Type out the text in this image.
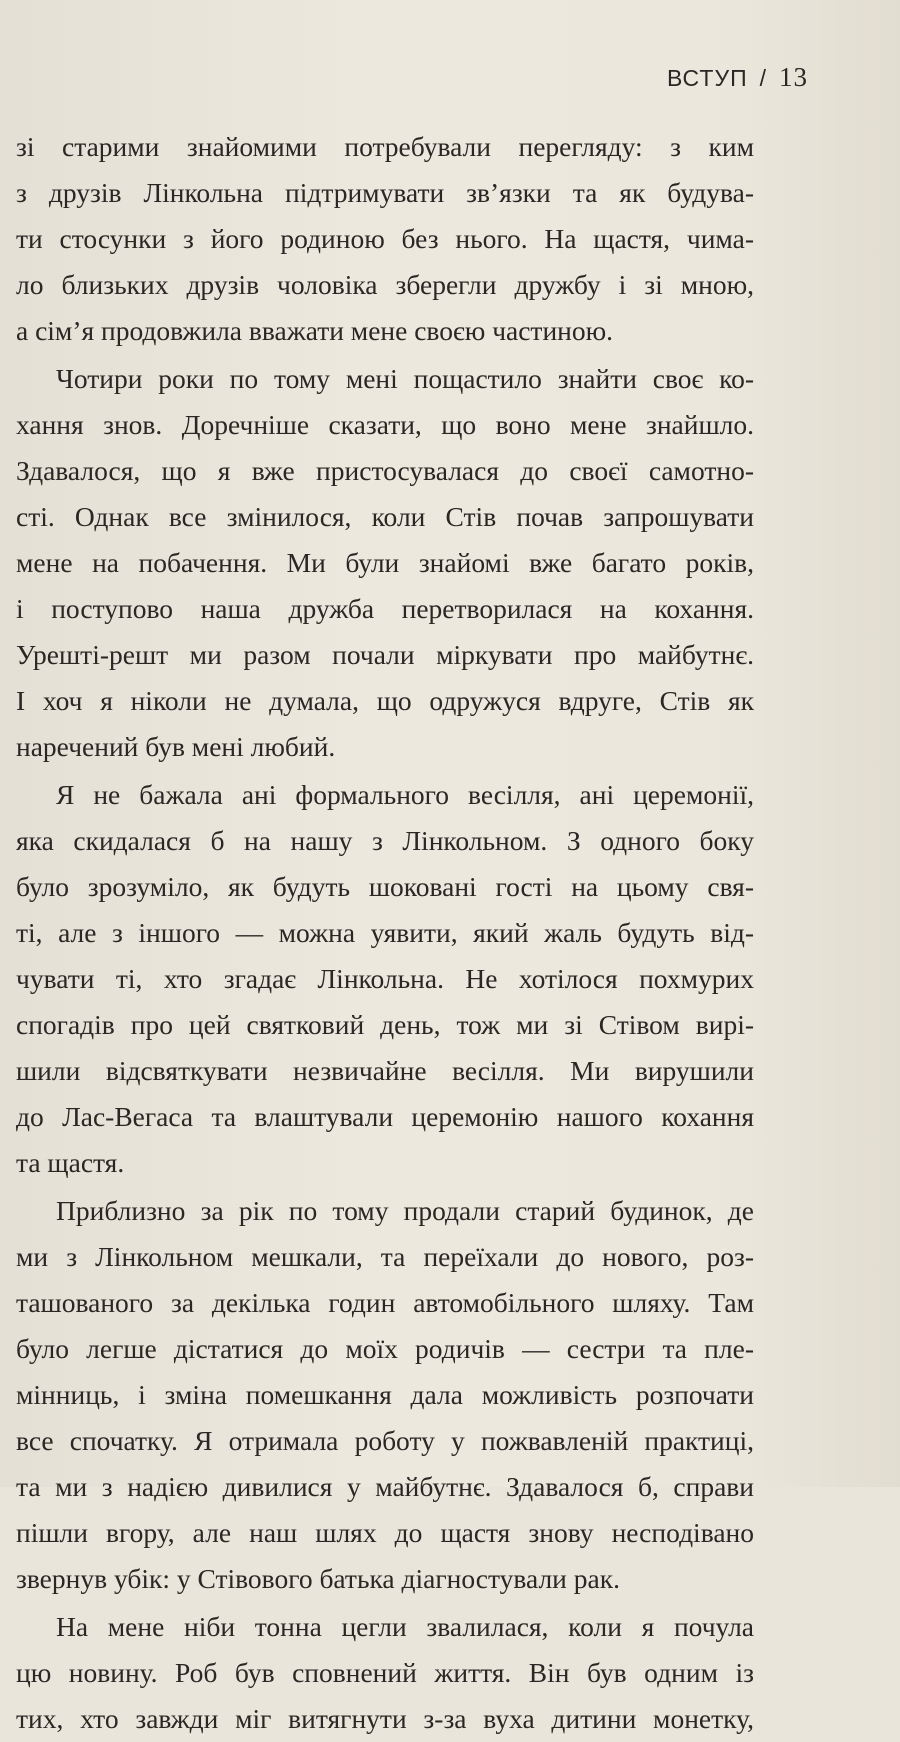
ВСТУП / 13
зі старими знайомими потребували перегляду: з ким
з друзів Лінкольна підтримувати зв’язки та як будува-
ти стосунки з його родиною без нього. На щастя, чима-
ло близьких друзів чоловіка зберегли дружбу і зі мною,
а сім’я продовжила вважати мене своєю частиною.
Чотири роки по тому мені пощастило знайти своє ко-
хання знов. Доречніше сказати, що воно мене знайшло.
Здавалося, що я вже пристосувалася до своєї самотно-
сті. Однак все змінилося, коли Стів почав запрошувати
мене на побачення. Ми були знайомі вже багато років,
і поступово наша дружба перетворилася на кохання.
Урешті-решт ми разом почали міркувати про майбутнє.
І хоч я ніколи не думала, що одружуся вдруге, Стів як
наречений був мені любий.
Я не бажала ані формального весілля, ані церемонії,
яка скидалася б на нашу з Лінкольном. З одного боку
було зрозуміло, як будуть шоковані гості на цьому свя-
ті, але з іншого — можна уявити, який жаль будуть від-
чувати ті, хто згадає Лінкольна. Не хотілося похмурих
спогадів про цей святковий день, тож ми зі Стівом вирі-
шили відсвяткувати незвичайне весілля. Ми вирушили
до Лас-Вегаса та влаштували церемонію нашого кохання
та щастя.
Приблизно за рік по тому продали старий будинок, де
ми з Лінкольном мешкали, та переїхали до нового, роз-
ташованого за декілька годин автомобільного шляху. Там
було легше дістатися до моїх родичів — сестри та пле-
мінниць, і зміна помешкання дала можливість розпочати
все спочатку. Я отримала роботу у пожвавленій практиці,
та ми з надією дивилися у майбутнє. Здавалося б, справи
пішли вгору, але наш шлях до щастя знову несподівано
звернув убік: у Стівового батька діагностували рак.
На мене ніби тонна цегли звалилася, коли я почула
цю новину. Роб був сповнений життя. Він був одним із
тих, хто завжди міг витягнути з-за вуха дитини монетку,
